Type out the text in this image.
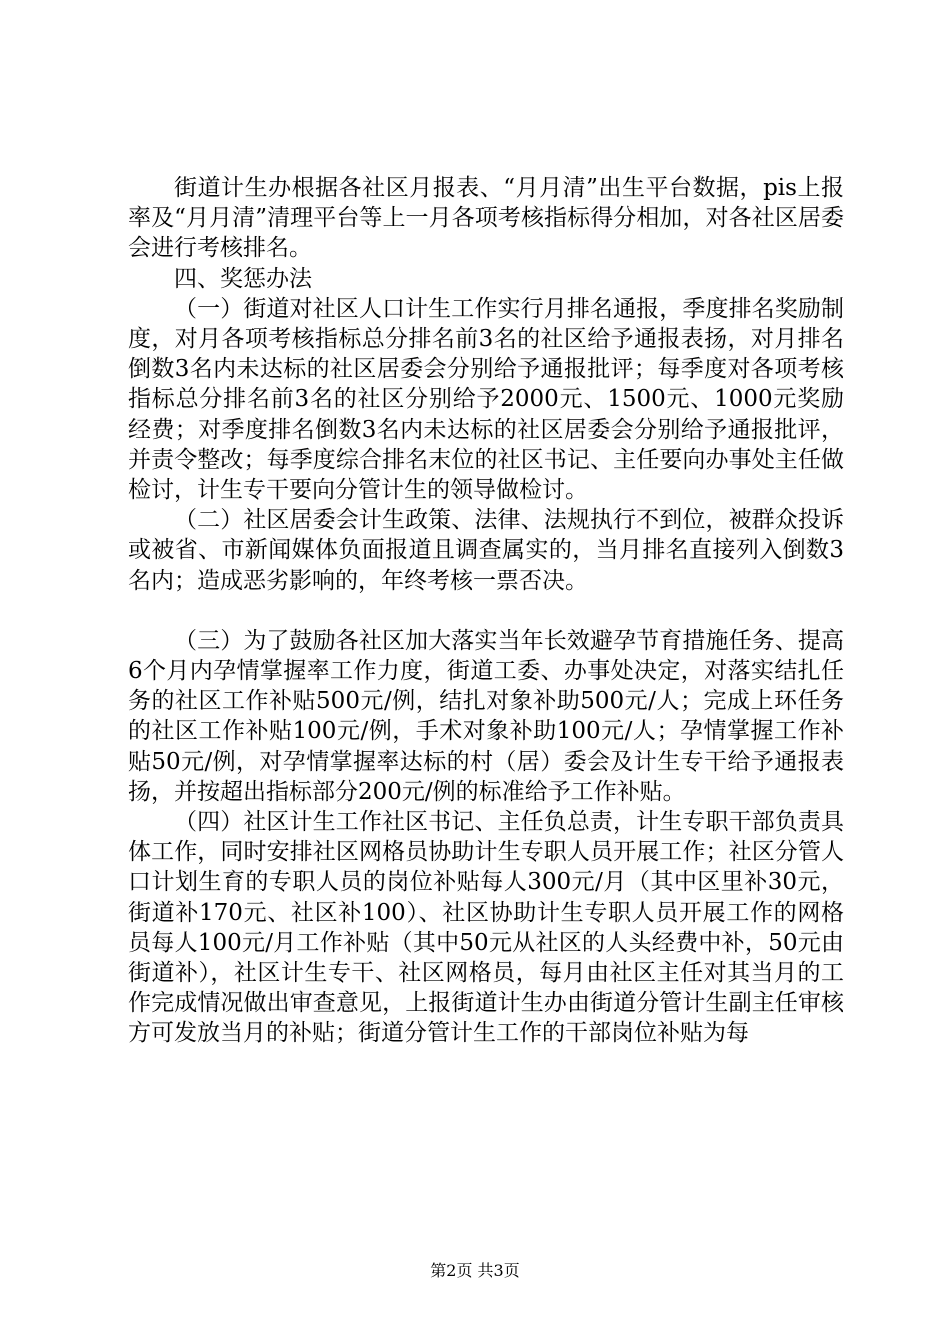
街道计生办根据各社区月报表、“月月清”出生平台数据，pis上报率及“月月清”清理平台等上一月各项考核指标得分相加，对各社区居委会进行考核排名。

四、奖惩办法

（一）街道对社区人口计生工作实行月排名通报，季度排名奖励制度，对月各项考核指标总分排名前3名的社区给予通报表扬，对月排名倒数3名内未达标的社区居委会分别给予通报批评；每季度对各项考核指标总分排名前3名的社区分别给予2000元、1500元、1000元奖励经费；对季度排名倒数3名内未达标的社区居委会分别给予通报批评，并责令整改；每季度综合排名末位的社区书记、主任要向办事处主任做检讨，计生专干要向分管计生的领导做检讨。

（二）社区居委会计生政策、法律、法规执行不到位，被群众投诉或被省、市新闻媒体负面报道且调查属实的，当月排名直接列入倒数3名内；造成恶劣影响的，年终考核一票否决。

（三）为了鼓励各社区加大落实当年长效避孕节育措施任务、提高6个月内孕情掌握率工作力度，街道工委、办事处决定，对落实结扎任务的社区工作补贴500元/例，结扎对象补助500元/人；完成上环任务的社区工作补贴100元/例，手术对象补助100元/人；孕情掌握工作补贴50元/例，对孕情掌握率达标的村（居）委会及计生专干给予通报表扬，并按超出指标部分200元/例的标准给予工作补贴。

（四）社区计生工作社区书记、主任负总责，计生专职干部负责具体工作，同时安排社区网格员协助计生专职人员开展工作；社区分管人口计划生育的专职人员的岗位补贴每人300元/月（其中区里补30元，街道补170元、社区补100）、社区协助计生专职人员开展工作的网格员每人100元/月工作补贴（其中50元从社区的人头经费中补，50元由街道补），社区计生专干、社区网格员，每月由社区主任对其当月的工作完成情况做出审查意见，上报街道计生办由街道分管计生副主任审核方可发放当月的补贴；街道分管计生工作的干部岗位补贴为每

第2页 共3页
